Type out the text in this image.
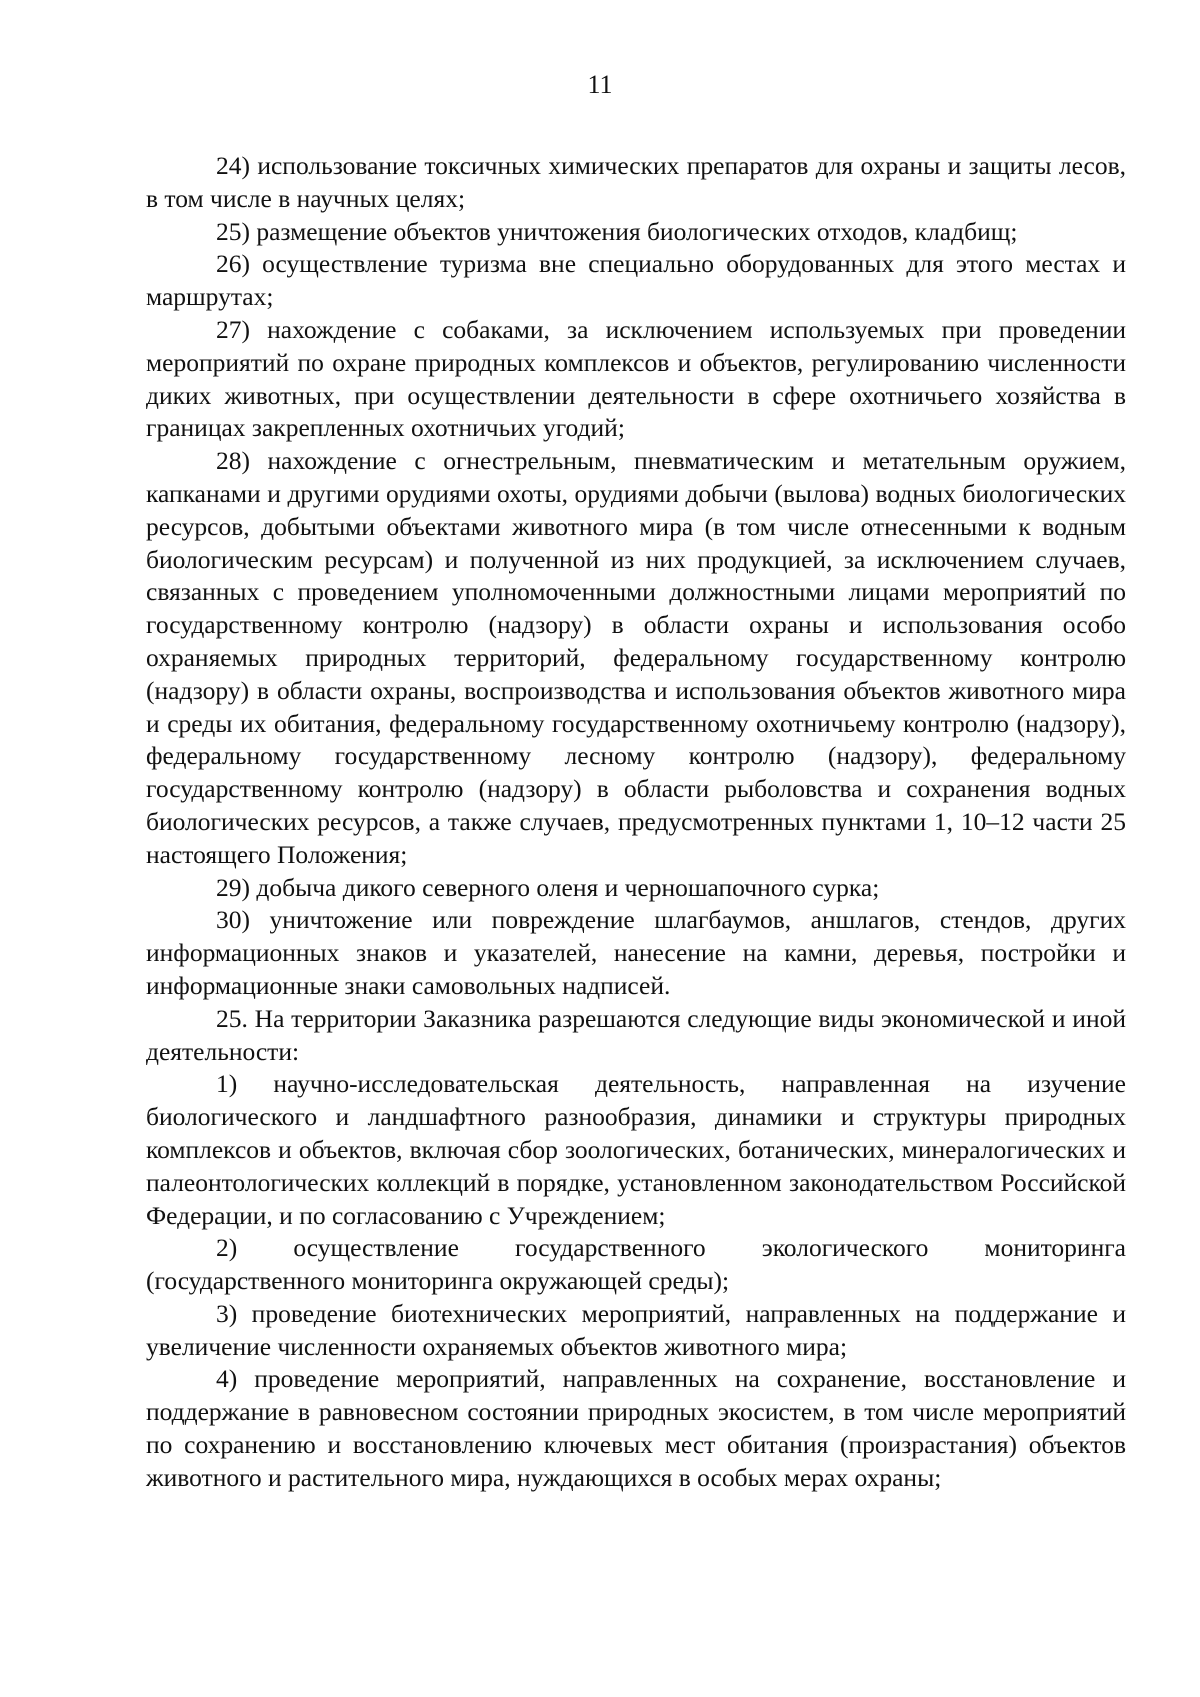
11

24) использование токсичных химических препаратов для охраны и защиты лесов, в том числе в научных целях;

25) размещение объектов уничтожения биологических отходов, кладбищ;

26) осуществление туризма вне специально оборудованных для этого местах и маршрутах;

27) нахождение с собаками, за исключением используемых при проведении мероприятий по охране природных комплексов и объектов, регулированию численности диких животных, при осуществлении деятельности в сфере охотничьего хозяйства в границах закрепленных охотничьих угодий;

28) нахождение с огнестрельным, пневматическим и метательным оружием, капканами и другими орудиями охоты, орудиями добычи (вылова) водных биологических ресурсов, добытыми объектами животного мира (в том числе отнесенными к водным биологическим ресурсам) и полученной из них продукцией, за исключением случаев, связанных с проведением уполномоченными должностными лицами мероприятий по государственному контролю (надзору) в области охраны и использования особо охраняемых природных территорий, федеральному государственному контролю (надзору) в области охраны, воспроизводства и использования объектов животного мира и среды их обитания, федеральному государственному охотничьему контролю (надзору), федеральному государственному лесному контролю (надзору), федеральному государственному контролю (надзору) в области рыболовства и сохранения водных биологических ресурсов, а также случаев, предусмотренных пунктами 1, 10–12 части 25 настоящего Положения;

29) добыча дикого северного оленя и черношапочного сурка;

30) уничтожение или повреждение шлагбаумов, аншлагов, стендов, других информационных знаков и указателей, нанесение на камни, деревья, постройки и информационные знаки самовольных надписей.

25. На территории Заказника разрешаются следующие виды экономической и иной деятельности:

1) научно-исследовательская деятельность, направленная на изучение биологического и ландшафтного разнообразия, динамики и структуры природных комплексов и объектов, включая сбор зоологических, ботанических, минералогических и палеонтологических коллекций в порядке, установленном законодательством Российской Федерации, и по согласованию с Учреждением;

2) осуществление государственного экологического мониторинга (государственного мониторинга окружающей среды);

3) проведение биотехнических мероприятий, направленных на поддержание и увеличение численности охраняемых объектов животного мира;

4) проведение мероприятий, направленных на сохранение, восстановление и поддержание в равновесном состоянии природных экосистем, в том числе мероприятий по сохранению и восстановлению ключевых мест обитания (произрастания) объектов животного и растительного мира, нуждающихся в особых мерах охраны;
